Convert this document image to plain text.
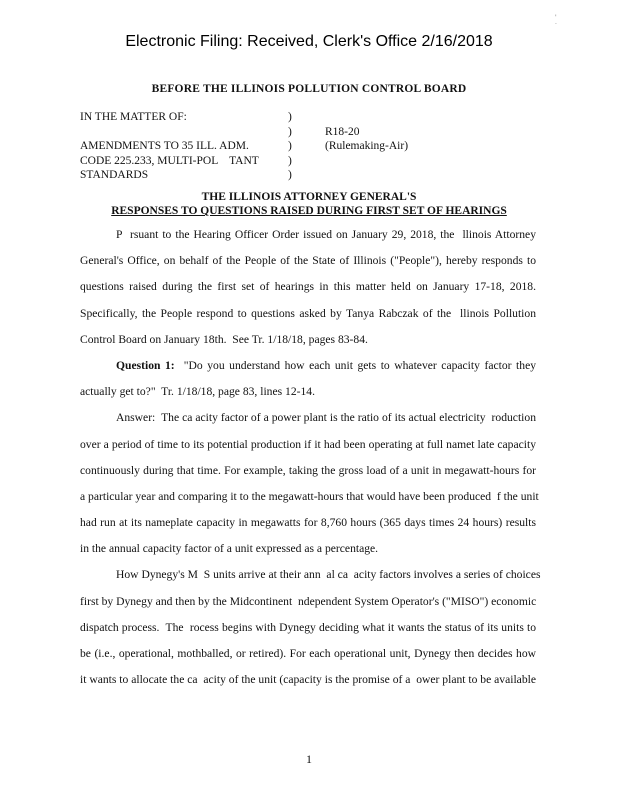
Electronic Filing: Received, Clerk's Office 2/16/2018
' ·
BEFORE THE ILLINOIS POLLUTION CONTROL BOARD
IN THE MATTER OF:
AMENDMENTS TO 35 ILL. ADM.
CODE 225.233, MULTI-POL    TANT
STANDARDS
)
)
)
)
)
R18-20
(Rulemaking-Air)
THE ILLINOIS ATTORNEY GENERAL'S
RESPONSES TO QUESTIONS RAISED DURING FIRST SET OF HEARINGS
P  rsuant to the Hearing Officer Order issued on January 29, 2018, the  llinois Attorney
General's Office, on behalf of the People of the State of Illinois ("People"), hereby responds to
questions raised during the first set of hearings in this matter held on January 17-18, 2018.
Specifically, the People respond to questions asked by Tanya Rabczak of the  llinois Pollution
Control Board on January 18th.  See Tr. 1/18/18, pages 83-84.
Question 1: "Do you understand how each unit gets to whatever capacity factor they
actually get to?"  Tr. 1/18/18, page 83, lines 12-14.
Answer: The ca acity factor of a power plant is the ratio of its actual electricity  roduction
over a period of time to its potential production if it had been operating at full namet late capacity
continuously during that time. For example, taking the gross load of a unit in megawatt-hours for
a particular year and comparing it to the megawatt-hours that would have been produced  f the unit
had run at its nameplate capacity in megawatts for 8,760 hours (365 days times 24 hours) results
in the annual capacity factor of a unit expressed as a percentage.
How Dynegy's M  S units arrive at their ann  al ca  acity factors involves a series of choices
first by Dynegy and then by the Midcontinent  ndependent System Operator's ("MISO") economic
dispatch process.  The  rocess begins with Dynegy deciding what it wants the status of its units to
be (i.e., operational, mothballed, or retired). For each operational unit, Dynegy then decides how
it wants to allocate the ca  acity of the unit (capacity is the promise of a  ower plant to be available
1
